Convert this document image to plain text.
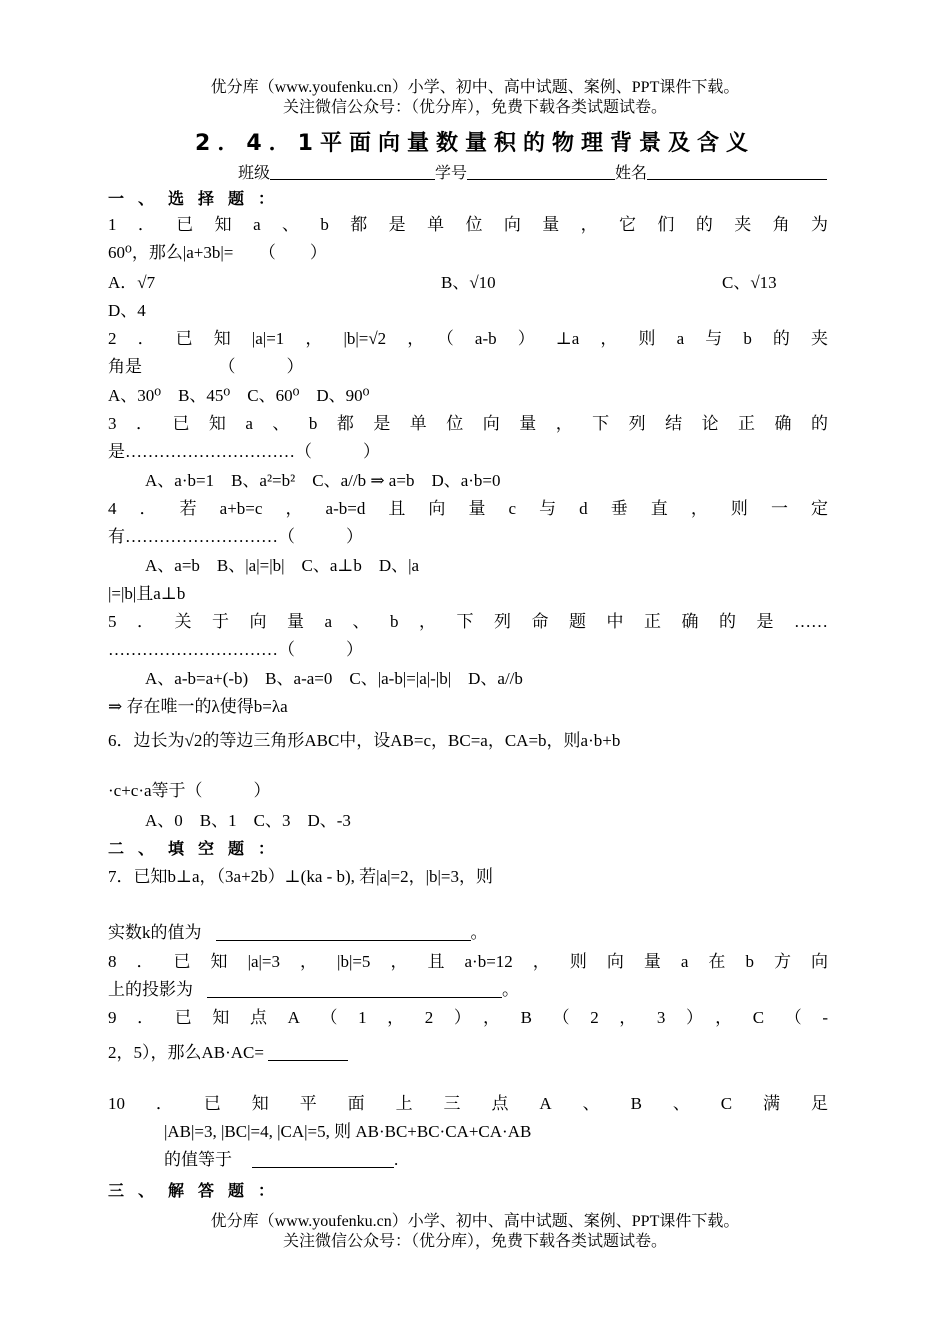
优分库（www.youfenku.cn）小学、初中、高中试题、案例、PPT课件下载。
关注微信公众号：（优分库），免费下载各类试题试卷。
2．4．1平面向量数量积的物理背景及含义
班级	学号	姓名
一、选择题：
1．已知a、b都是单位向量，它们的夹角为
60⁰，那么|a+3b|=　　（　　）
A．√7	B、√10	C、√13
D、4
2．已知|a|=1，|b|=√2，（a-b）⊥a，则a与b的夹
角是　　　　　（　　　）
A、30⁰　B、45⁰　C、60⁰　D、90⁰
3．已知a、b都是单位向量，下列结论正确的
是…………………………（　　　）
A、a·b=1　B、a²=b²　C、a//b ⇒ a=b　D、a·b=0
4．若a+b=c，a-b=d且向量c与d垂直，则一定
有………………………（　　　）
A、a=b　B、|a|=|b|　C、a⊥b　D、|a
|=|b|且a⊥b
5．关于向量a、b，下列命题中正确的是……
…………………………（　　　）
A、a-b=a+(-b)　B、a-a=0　C、|a-b|=|a|-|b|　D、a//b
⇒ 存在唯一的λ使得b=λa
6．边长为√2的等边三角形ABC中，设AB=c，BC=a，CA=b，则a·b+b
·c+c·a等于（　　　）
A、0　B、1　C、3　D、-3
二、填空题：
7．已知b⊥a，（3a+2b）⊥(ka - b), 若|a|=2，|b|=3，则
实数k的值为	。
8．已知|a|=3，|b|=5，且a·b=12，则向量a在b方向
上的投影为	。
9．已知点A（1，2），B（2，3），C（-
2，5），那么AB·AC=
10．已知平面上三点A、B、C满足
|AB|=3, |BC|=4, |CA|=5, 则 AB·BC+BC·CA+CA·AB
的值等于	.
三、解答题：
优分库（www.youfenku.cn）小学、初中、高中试题、案例、PPT课件下载。
关注微信公众号：（优分库），免费下载各类试题试卷。
